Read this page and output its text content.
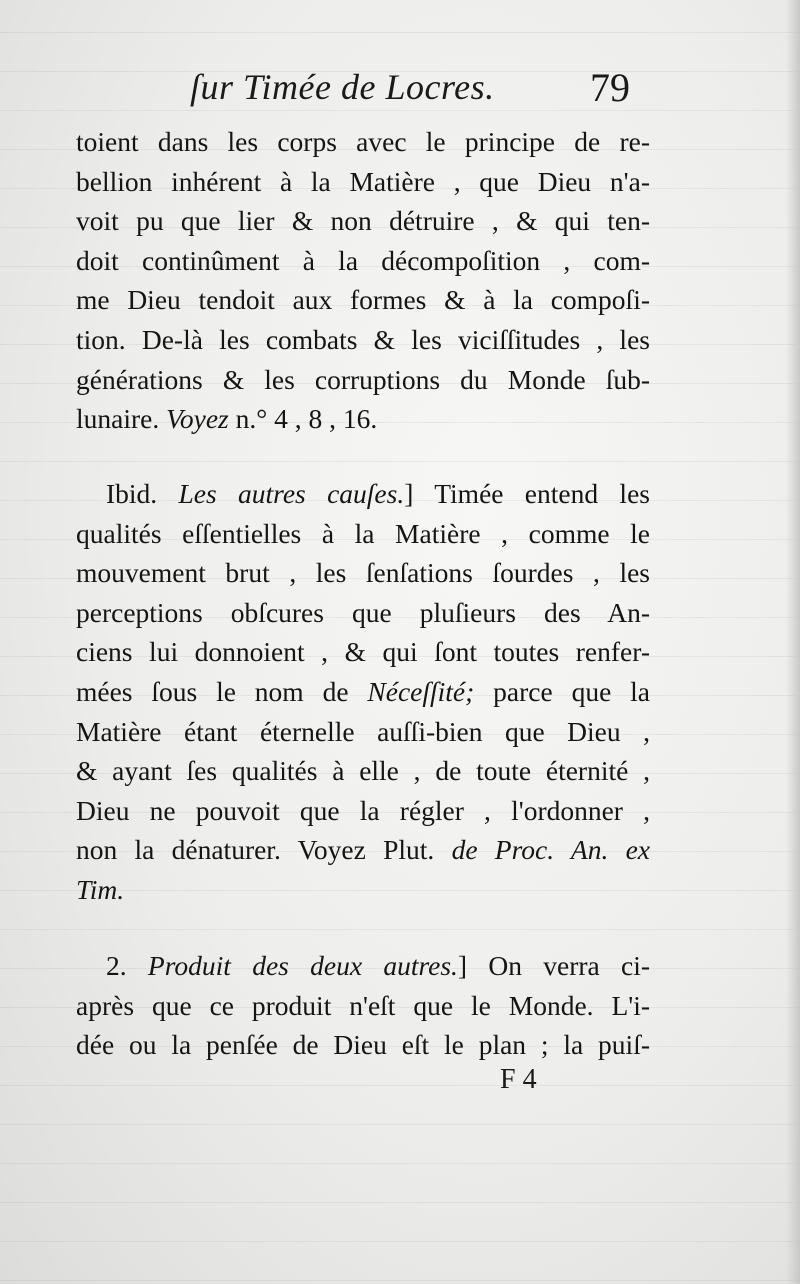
ſur Timée de Locres. 79
toient dans les corps avec le principe de re-
bellion inhérent à la Matière , que Dieu n'a-
voit pu que lier & non détruire , & qui ten-
doit continûment à la décompoſition , com-
me Dieu tendoit aux formes & à la compoſi-
tion. De-là les combats & les viciſſitudes , les
générations & les corruptions du Monde ſub-
lunaire. Voyez n.° 4 , 8 , 16.
Ibid. Les autres cauſes.] Timée entend les
qualités eſſentielles à la Matière , comme le
mouvement brut , les ſenſations ſourdes , les
perceptions obſcures que pluſieurs des An-
ciens lui donnoient , & qui ſont toutes renfer-
mées ſous le nom de Néceſſité; parce que la
Matière étant éternelle auſſi-bien que Dieu ,
& ayant ſes qualités à elle , de toute éternité ,
Dieu ne pouvoit que la régler , l'ordonner ,
non la dénaturer. Voyez Plut. de Proc. An. ex
Tim.
2. Produit des deux autres.] On verra ci-
après que ce produit n'eſt que le Monde. L'i-
dée ou la penſée de Dieu eſt le plan ; la puiſ-
F 4
